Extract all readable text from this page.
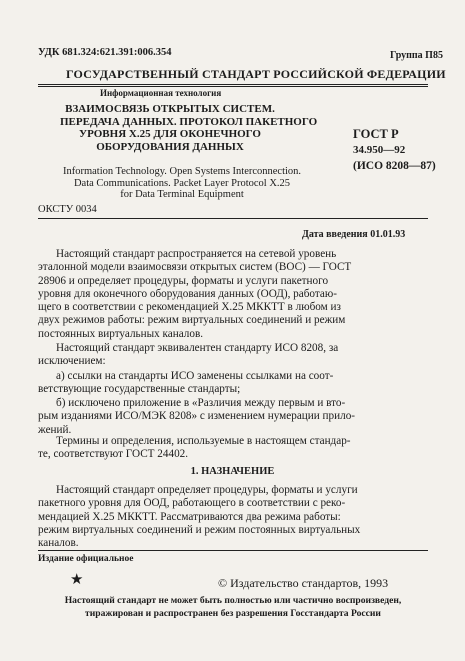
УДК 681.324:621.391:006.354	Группа П85
ГОСУДАРСТВЕННЫЙ СТАНДАРТ РОССИЙСКОЙ ФЕДЕРАЦИИ
Информационная технология
ВЗАИМОСВЯЗЬ ОТКРЫТЫХ СИСТЕМ.
ПЕРЕДАЧА ДАННЫХ. ПРОТОКОЛ ПАКЕТНОГО
УРОВНЯ X.25 ДЛЯ ОКОНЕЧНОГО
ОБОРУДОВАНИЯ ДАННЫХ
ГОСТ Р
34.950—92
(ИСО 8208—87)
Information Technology. Open Systems Interconnection.
Data Communications. Packet Layer Protocol X.25
for Data Terminal Equipment
ОКСТУ 0034
Дата введения 01.01.93
Настоящий стандарт распространяется на сетевой уровень
эталонной модели взаимосвязи открытых систем (ВОС) — ГОСТ
28906 и определяет процедуры, форматы и услуги пакетного
уровня для оконечного оборудования данных (ООД), работаю-
щего в соответствии с рекомендацией X.25 МККТТ в любом из
двух режимов работы: режим виртуальных соединений и режим
постоянных виртуальных каналов.
Настоящий стандарт эквивалентен стандарту ИСО 8208, за
исключением:
а) ссылки на стандарты ИСО заменены ссылками на соот-
ветствующие государственные стандарты;
б) исключено приложение в «Различия между первым и вто-
рым изданиями ИСО/МЭК 8208» с изменением нумерации прило-
жений.
Термины и определения, используемые в настоящем стандар-
те, соответствуют ГОСТ 24402.
1. НАЗНАЧЕНИЕ
Настоящий стандарт определяет процедуры, форматы и услуги
пакетного уровня для ООД, работающего в соответствии с реко-
мендацией X.25 МККТТ. Рассматриваются два режима работы:
режим виртуальных соединений и режим постоянных виртуальных
каналов.
Издание официальное
★	© Издательство стандартов, 1993
Настоящий стандарт не может быть полностью или частично воспроизведен,
тиражирован и распространен без разрешения Госстандарта России
